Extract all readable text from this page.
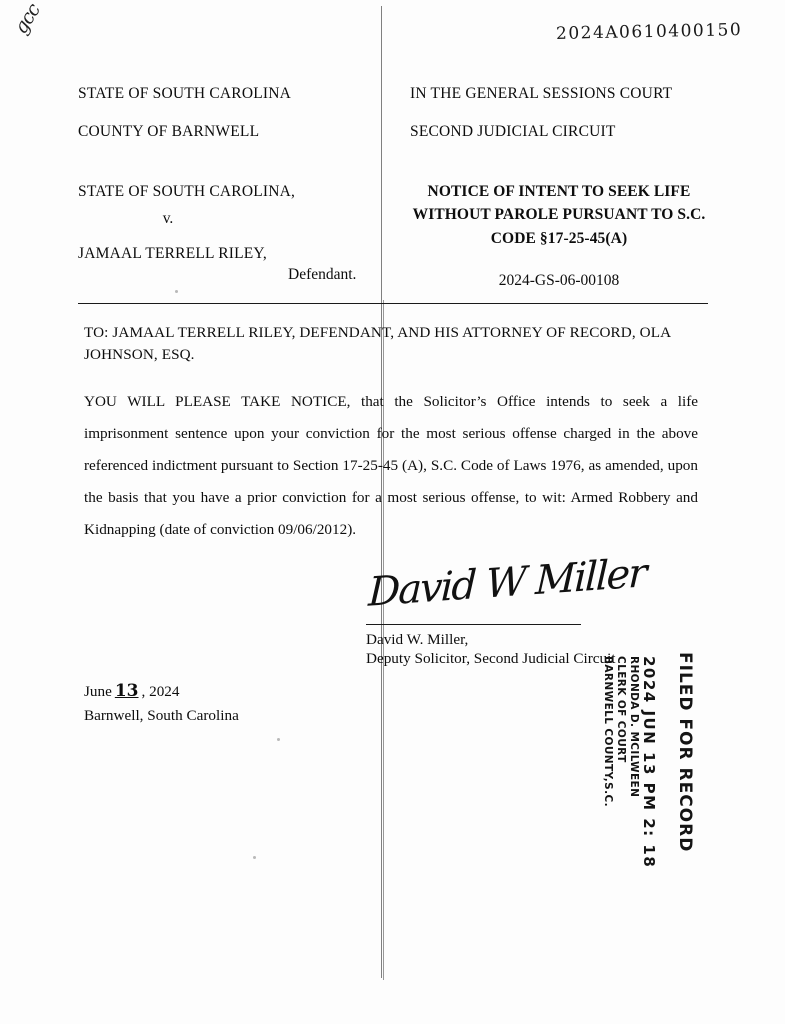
gcc	2024A0610400150

STATE OF SOUTH CAROLINA

COUNTY OF BARNWELL

STATE OF SOUTH CAROLINA,

v.

JAMAAL TERRELL RILEY,

Defendant.

IN THE GENERAL SESSIONS COURT

SECOND JUDICIAL CIRCUIT

NOTICE OF INTENT TO SEEK LIFE WITHOUT PAROLE PURSUANT TO S.C. CODE §17-25-45(A)

2024-GS-06-00108

TO: JAMAAL TERRELL RILEY, DEFENDANT, AND HIS ATTORNEY OF RECORD, OLA JOHNSON, ESQ.
YOU WILL PLEASE TAKE NOTICE, that the Solicitor’s Office intends to seek a life imprisonment sentence upon your conviction for the most serious offense charged in the above referenced indictment pursuant to Section 17-25-45 (A), S.C. Code of Laws 1976, as amended, upon the basis that you have a prior conviction for a most serious offense, to wit: Armed Robbery and Kidnapping (date of conviction 09/06/2012).
David W Miller
David W. Miller,
Deputy Solicitor, Second Judicial Circuit
June 13 , 2024
Barnwell, South Carolina	FILED FOR RECORD
2024 JUN 13 PM 2: 18
RHONDA D. MCILWEEN
CLERK OF COURT
BARNWELL COUNTY,S.C.
